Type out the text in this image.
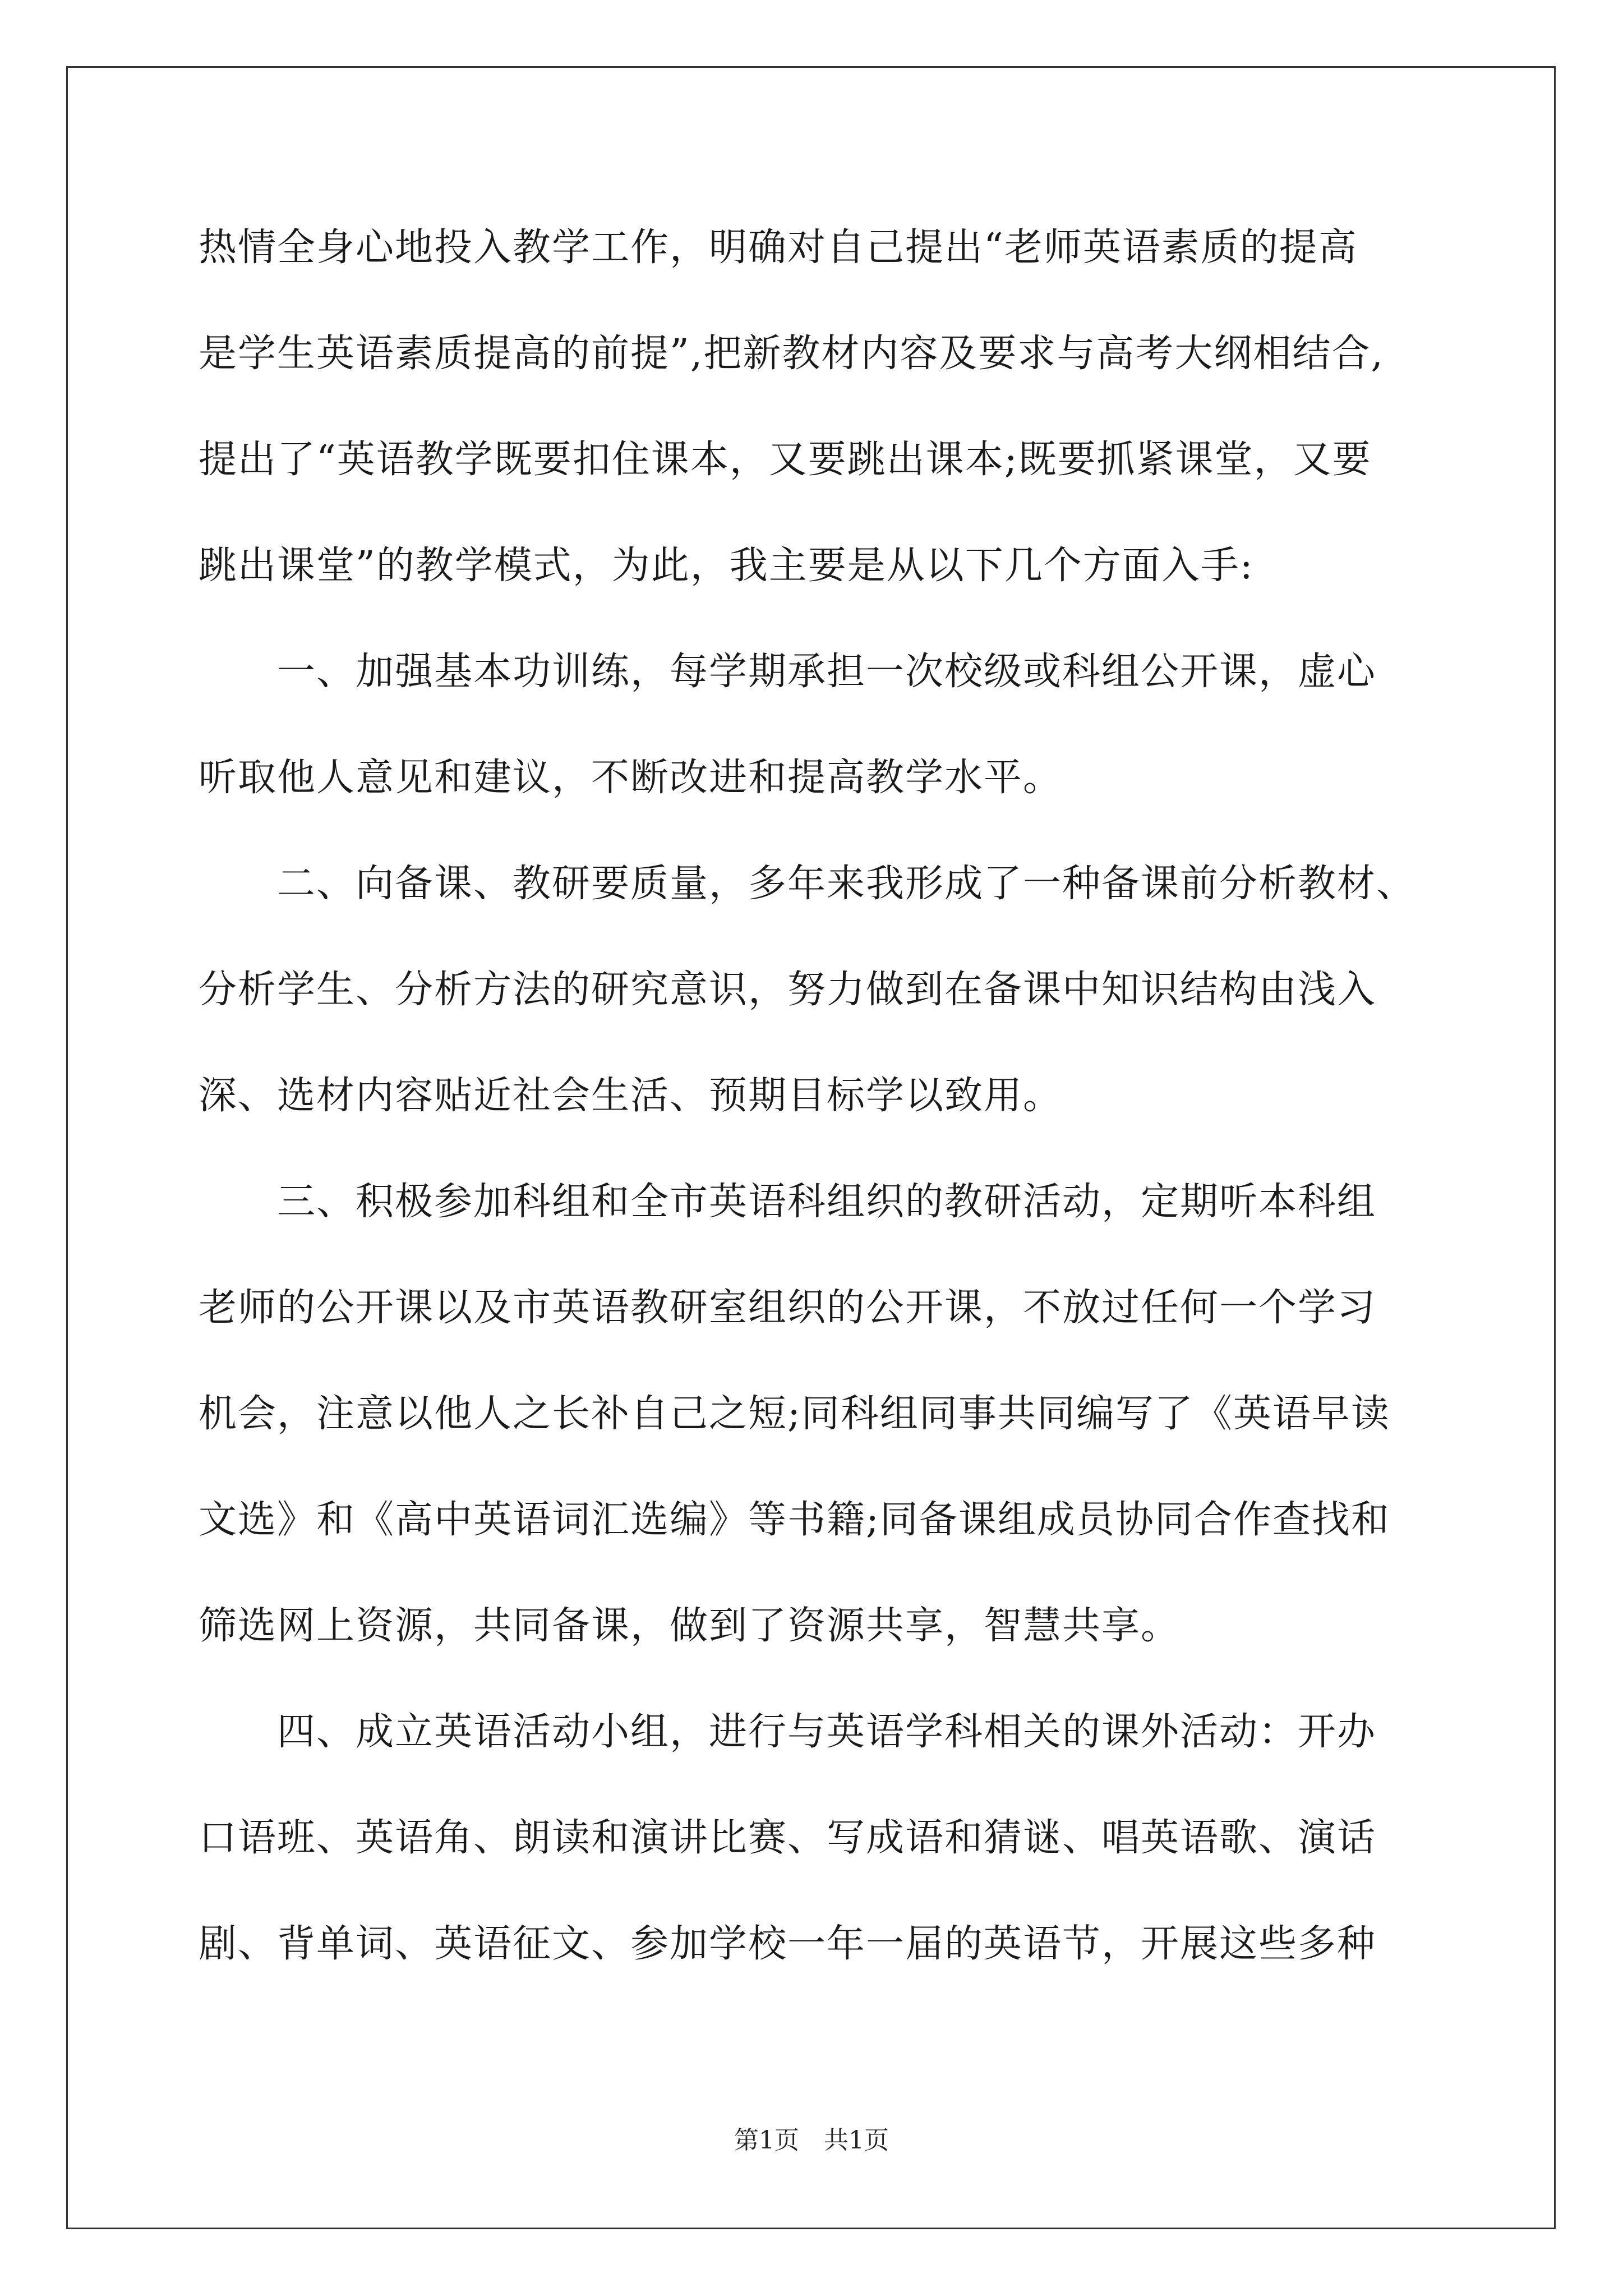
热情全身心地投入教学工作，明确对自己提出“老师英语素质的提高
是学生英语素质提高的前提”,把新教材内容及要求与高考大纲相结合,
提出了“英语教学既要扣住课本，又要跳出课本;既要抓紧课堂，又要
跳出课堂”的教学模式，为此，我主要是从以下几个方面入手:
　　一、加强基本功训练，每学期承担一次校级或科组公开课，虚心
听取他人意见和建议，不断改进和提高教学水平。
　　二、向备课、教研要质量，多年来我形成了一种备课前分析教材、
分析学生、分析方法的研究意识，努力做到在备课中知识结构由浅入
深、选材内容贴近社会生活、预期目标学以致用。
　　三、积极参加科组和全市英语科组织的教研活动，定期听本科组
老师的公开课以及市英语教研室组织的公开课，不放过任何一个学习
机会，注意以他人之长补自己之短;同科组同事共同编写了《英语早读
文选》和《高中英语词汇选编》等书籍;同备课组成员协同合作查找和
筛选网上资源，共同备课，做到了资源共享，智慧共享。
　　四、成立英语活动小组，进行与英语学科相关的课外活动：开办
口语班、英语角、朗读和演讲比赛、写成语和猜谜、唱英语歌、演话
剧、背单词、英语征文、参加学校一年一届的英语节，开展这些多种
第1页　共1页
